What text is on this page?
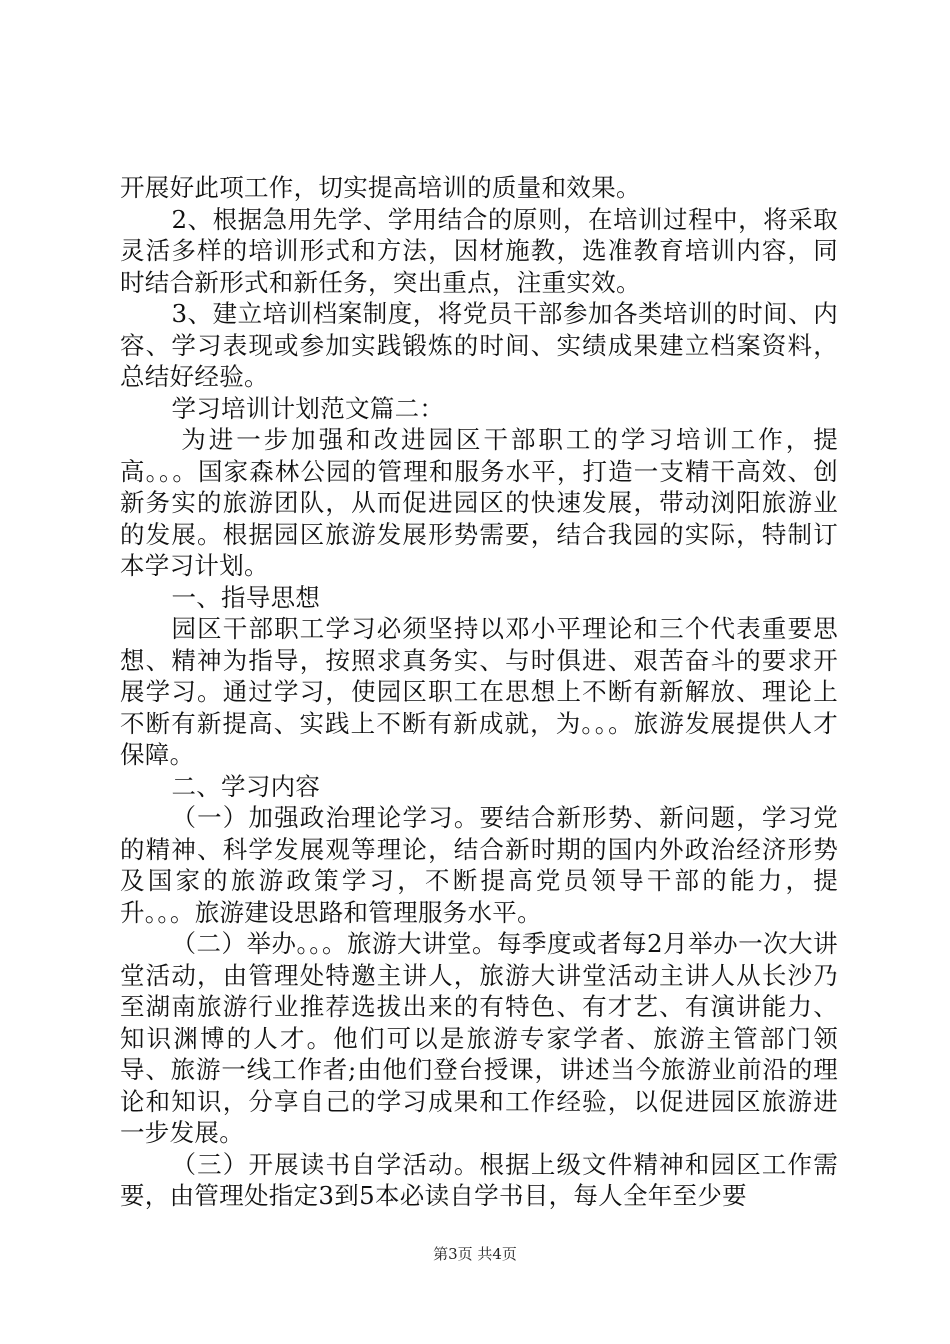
开展好此项工作，切实提高培训的质量和效果。

2、根据急用先学、学用结合的原则，在培训过程中，将采取灵活多样的培训形式和方法，因材施教，选准教育培训内容，同时结合新形式和新任务，突出重点，注重实效。

3、建立培训档案制度，将党员干部参加各类培训的时间、内容、学习表现或参加实践锻炼的时间、实绩成果建立档案资料，总结好经验。

学习培训计划范文篇二：

为进一步加强和改进园区干部职工的学习培训工作，提高。。。国家森林公园的管理和服务水平，打造一支精干高效、创新务实的旅游团队，从而促进园区的快速发展，带动浏阳旅游业的发展。根据园区旅游发展形势需要，结合我园的实际，特制订本学习计划。

一、指导思想

园区干部职工学习必须坚持以邓小平理论和三个代表重要思想、精神为指导，按照求真务实、与时俱进、艰苦奋斗的要求开展学习。通过学习，使园区职工在思想上不断有新解放、理论上不断有新提高、实践上不断有新成就，为。。。旅游发展提供人才保障。

二、学习内容

（一）加强政治理论学习。要结合新形势、新问题，学习党的精神、科学发展观等理论，结合新时期的国内外政治经济形势及国家的旅游政策学习，不断提高党员领导干部的能力，提升。。。旅游建设思路和管理服务水平。

（二）举办。。。旅游大讲堂。每季度或者每2月举办一次大讲堂活动，由管理处特邀主讲人，旅游大讲堂活动主讲人从长沙乃至湖南旅游行业推荐选拔出来的有特色、有才艺、有演讲能力、知识渊博的人才。他们可以是旅游专家学者、旅游主管部门领导、旅游一线工作者;由他们登台授课，讲述当今旅游业前沿的理论和知识，分享自己的学习成果和工作经验，以促进园区旅游进一步发展。

（三）开展读书自学活动。根据上级文件精神和园区工作需要，由管理处指定3到5本必读自学书目，每人全年至少要

第3页 共4页
